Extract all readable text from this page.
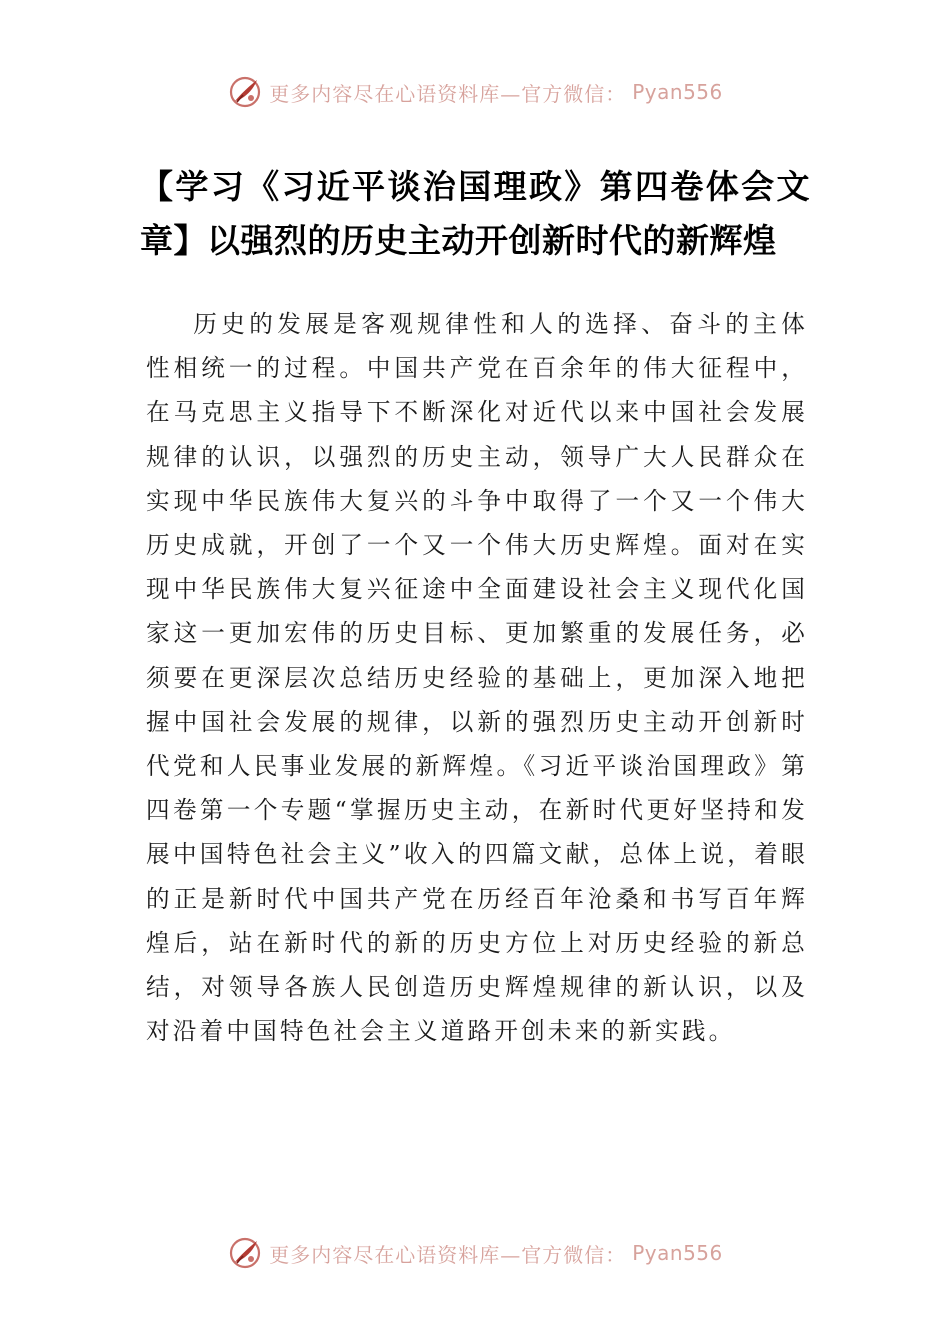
更多内容尽在心语资料库—官方微信： Pyan556
【学习《习近平谈治国理政》第四卷体会文章】以强烈的历史主动开创新时代的新辉煌

历史的发展是客观规律性和人的选择、奋斗的主体性相统一的过程。中国共产党在百余年的伟大征程中，在马克思主义指导下不断深化对近代以来中国社会发展规律的认识，以强烈的历史主动，领导广大人民群众在实现中华民族伟大复兴的斗争中取得了一个又一个伟大历史成就，开创了一个又一个伟大历史辉煌。面对在实现中华民族伟大复兴征途中全面建设社会主义现代化国家这一更加宏伟的历史目标、更加繁重的发展任务，必须要在更深层次总结历史经验的基础上，更加深入地把握中国社会发展的规律，以新的强烈历史主动开创新时代党和人民事业发展的新辉煌。《习近平谈治国理政》第四卷第一个专题“掌握历史主动，在新时代更好坚持和发展中国特色社会主义”收入的四篇文献，总体上说，着眼的正是新时代中国共产党在历经百年沧桑和书写百年辉煌后，站在新时代的新的历史方位上对历史经验的新总结，对领导各族人民创造历史辉煌规律的新认识，以及对沿着中国特色社会主义道路开创未来的新实践。

更多内容尽在心语资料库—官方微信： Pyan556
